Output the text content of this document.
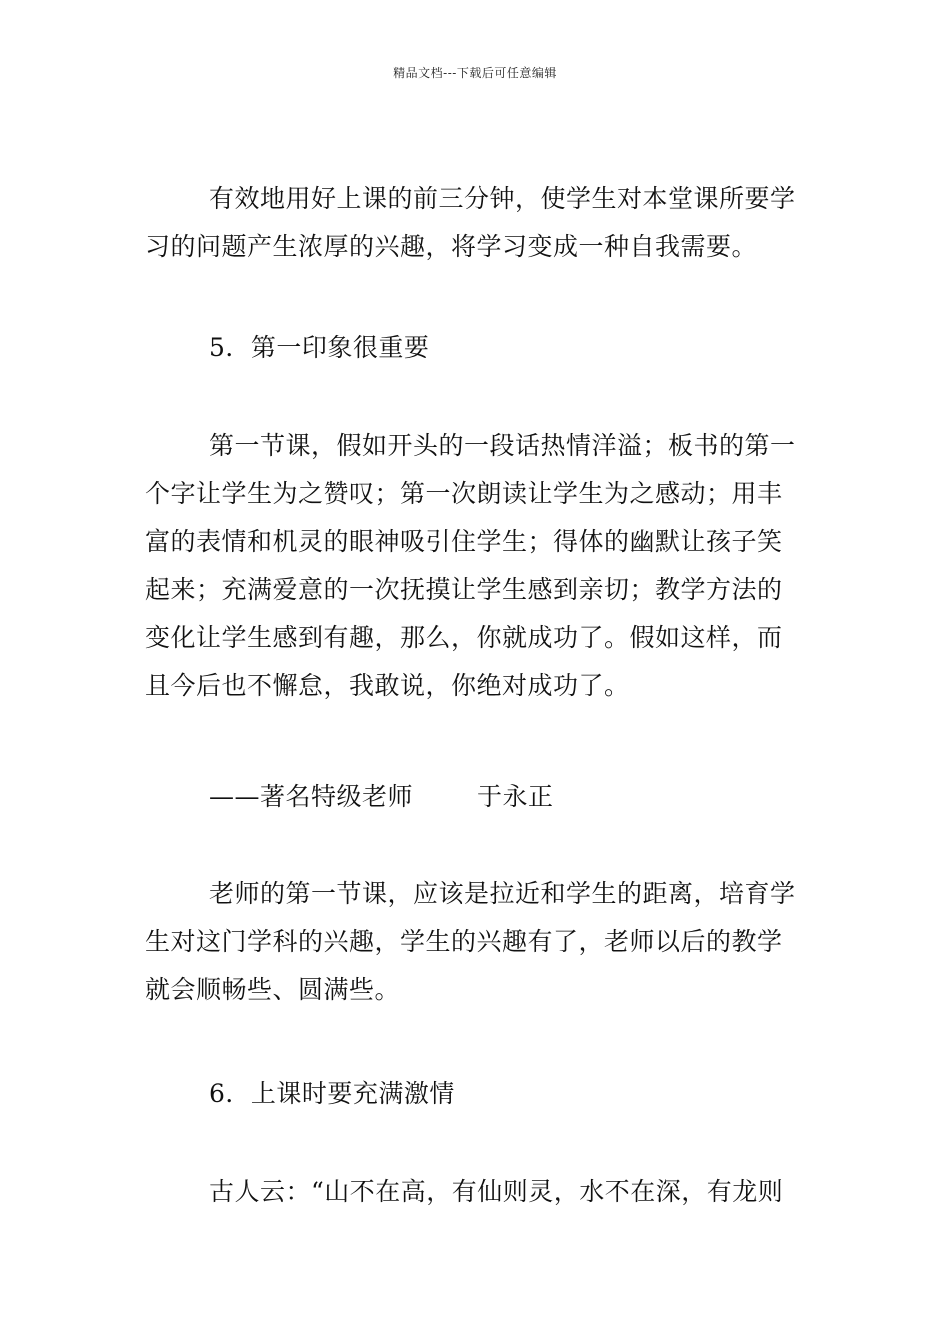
精品文档---下载后可任意编辑
有效地用好上课的前三分钟，使学生对本堂课所要学
习的问题产生浓厚的兴趣，将学习变成一种自我需要。
5．第一印象很重要
第一节课，假如开头的一段话热情洋溢；板书的第一
个字让学生为之赞叹；第一次朗读让学生为之感动；用丰
富的表情和机灵的眼神吸引住学生；得体的幽默让孩子笑
起来；充满爱意的一次抚摸让学生感到亲切；教学方法的
变化让学生感到有趣，那么，你就成功了。假如这样，而
且今后也不懈怠，我敢说，你绝对成功了。
——著名特级老师	于永正
老师的第一节课，应该是拉近和学生的距离，培育学
生对这门学科的兴趣，学生的兴趣有了，老师以后的教学
就会顺畅些、圆满些。
6．上课时要充满激情
古人云：“山不在高，有仙则灵，水不在深，有龙则
